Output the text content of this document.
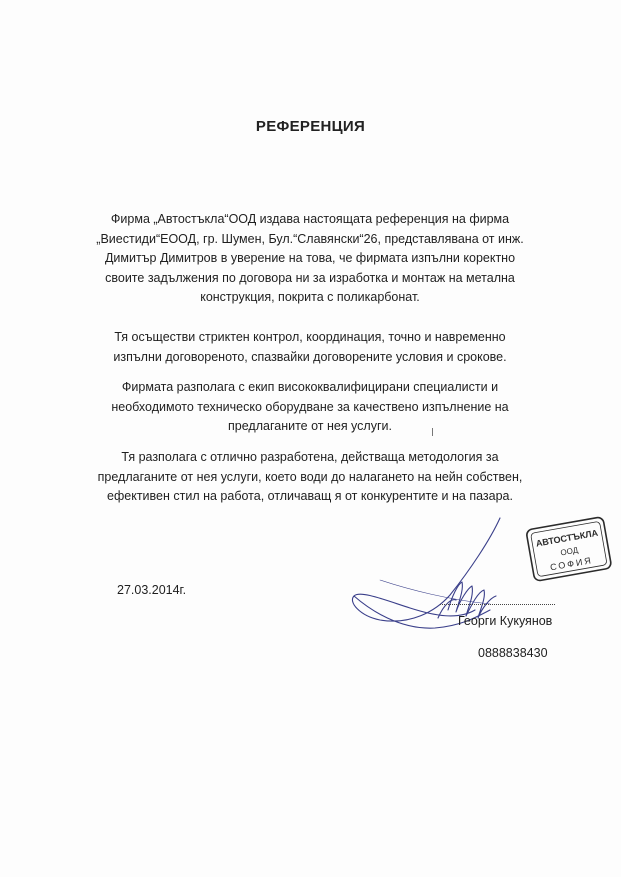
РЕФЕРЕНЦИЯ
Фирма „Автостъкла“ООД издава настоящата референция на фирма
„Виестиди“ЕООД, гр. Шумен, Бул.“Славянски“26, представлявана от инж.
Димитър Димитров в уверение на това, че фирмата изпълни коректно
своите задължения по договора ни за изработка и монтаж на метална
конструкция, покрита с поликарбонат.
Тя осъществи стриктен контрол, координация, точно и навременно
изпълни договореното, спазвайки договорените условия и срокове.
Фирмата разполага с екип висококвалифицирани специалисти и
необходимото техническо оборудване за качествено изпълнение на
предлаганите от нея услуги.
Тя разполага с отлично разработена, действаща методология за
предлаганите от нея услуги, което води до налагането на нейн собствен,
ефективен стил на работа, отличаващ я от конкурентите и на пазара.
27.03.2014г.
АВТОСТЪКЛА
ООД
СОФИЯ
Георги Кукуянов
0888838430
